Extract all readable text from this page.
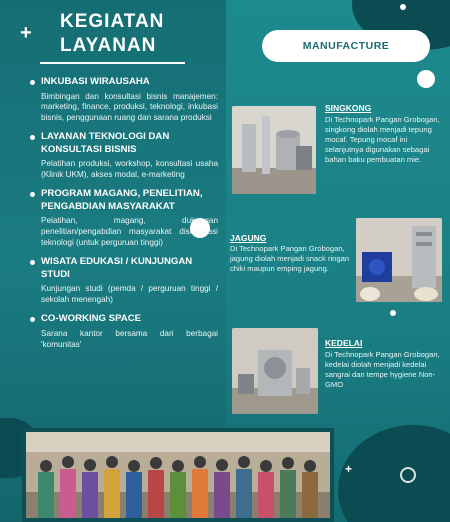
+
+
KEGIATAN
LAYANAN
INKUBASI WIRAUSAHA
Bimbingan dan konsultasi bisnis manajemen: marketing, finance, produksi, teknologi, inkubasi bisnis, penggunaan ruang dan sarana produksi
LAYANAN TEKNOLOGI DAN KONSULTASI BISNIS
Pelatihan produksi, workshop, konsultasi usaha (Klinik UKM), akses modal, e-marketing
PROGRAM MAGANG, PENELITIAN, PENGABDIAN MASYARAKAT
Pelatihan, magang, dukungan penelitian/pengabdian masyarakat diseminasi teknologi (untuk perguruan tinggi)
WISATA EDUKASI / KUNJUNGAN STUDI
Kunjungan studi (pemda / perguruan tinggi / sekolah menengah)
CO-WORKING SPACE
Sarana kantor bersama dari berbagai 'komunitas'
MANUFACTURE
SINGKONG
Di Technopark Pangan Grobogan, singkong diolah menjadi tepung mocaf. Tepung mocaf ini selanjutnya digunakan sebagai bahan baku pembuatan mie.
JAGUNG
Di Technopark Pangan Grobogan, jagung diolah menjadi snack ringan chiki maupun emping jagung.
KEDELAI
Di Technopark Pangan Grobogan, kedelai diolah menjadi kedelai sangrai dan tempe hygiene Non-GMO
